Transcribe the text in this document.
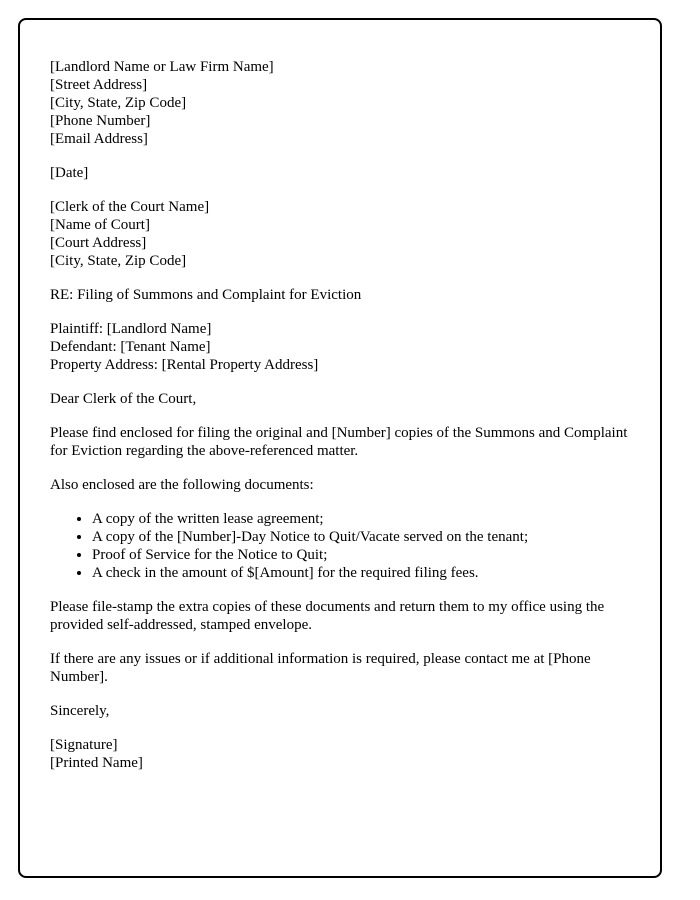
[Landlord Name or Law Firm Name]
[Street Address]
[City, State, Zip Code]
[Phone Number]
[Email Address]
[Date]
[Clerk of the Court Name]
[Name of Court]
[Court Address]
[City, State, Zip Code]
RE: Filing of Summons and Complaint for Eviction
Plaintiff: [Landlord Name]
Defendant: [Tenant Name]
Property Address: [Rental Property Address]
Dear Clerk of the Court,

Please find enclosed for filing the original and [Number] copies of the Summons and Complaint for Eviction regarding the above-referenced matter.

Also enclosed are the following documents:

• A copy of the written lease agreement;
• A copy of the [Number]-Day Notice to Quit/Vacate served on the tenant;
• Proof of Service for the Notice to Quit;
• A check in the amount of $[Amount] for the required filing fees.

Please file-stamp the extra copies of these documents and return them to my office using the provided self-addressed, stamped envelope.

If there are any issues or if additional information is required, please contact me at [Phone Number].

Sincerely,
[Signature]
[Printed Name]
